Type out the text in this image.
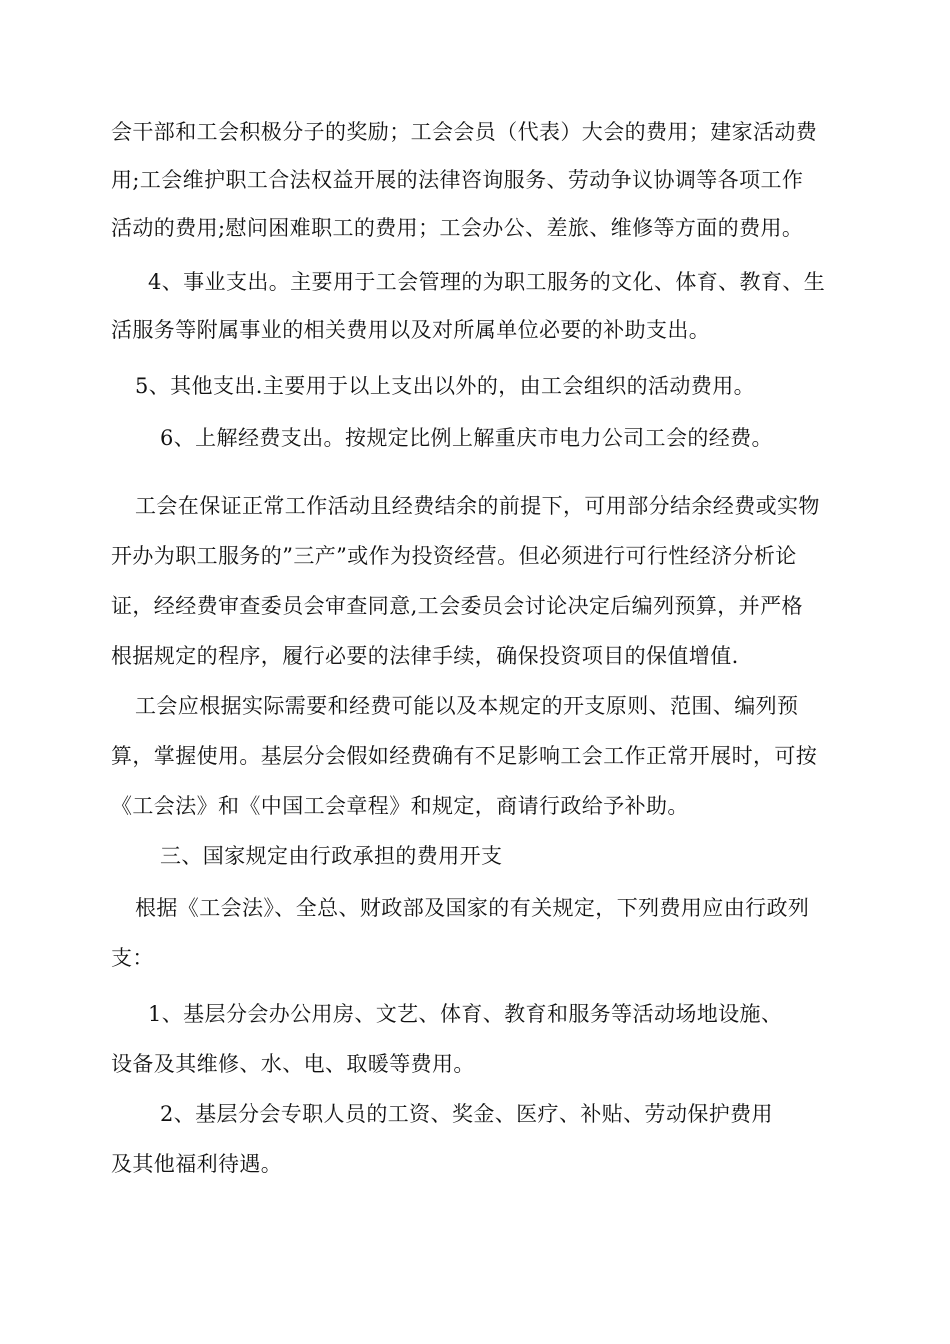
会干部和工会积极分子的奖励；工会会员（代表）大会的费用；建家活动费
用;工会维护职工合法权益开展的法律咨询服务、劳动争议协调等各项工作
活动的费用;慰问困难职工的费用；工会办公、差旅、维修等方面的费用。
4、事业支出。主要用于工会管理的为职工服务的文化、体育、教育、生
活服务等附属事业的相关费用以及对所属单位必要的补助支出。
5、其他支出.主要用于以上支出以外的，由工会组织的活动费用。
6、上解经费支出。按规定比例上解重庆市电力公司工会的经费。
工会在保证正常工作活动且经费结余的前提下，可用部分结余经费或实物
开办为职工服务的”三产”或作为投资经营。但必须进行可行性经济分析论
证，经经费审查委员会审查同意,工会委员会讨论决定后编列预算，并严格
根据规定的程序，履行必要的法律手续，确保投资项目的保值增值.
工会应根据实际需要和经费可能以及本规定的开支原则、范围、编列预
算，掌握使用。基层分会假如经费确有不足影响工会工作正常开展时，可按
《工会法》和《中国工会章程》和规定，商请行政给予补助。
三、国家规定由行政承担的费用开支
根据《工会法》、全总、财政部及国家的有关规定，下列费用应由行政列
支：
1、基层分会办公用房、文艺、体育、教育和服务等活动场地设施、
设备及其维修、水、电、取暖等费用。
2、基层分会专职人员的工资、奖金、医疗、补贴、劳动保护费用
及其他福利待遇。
